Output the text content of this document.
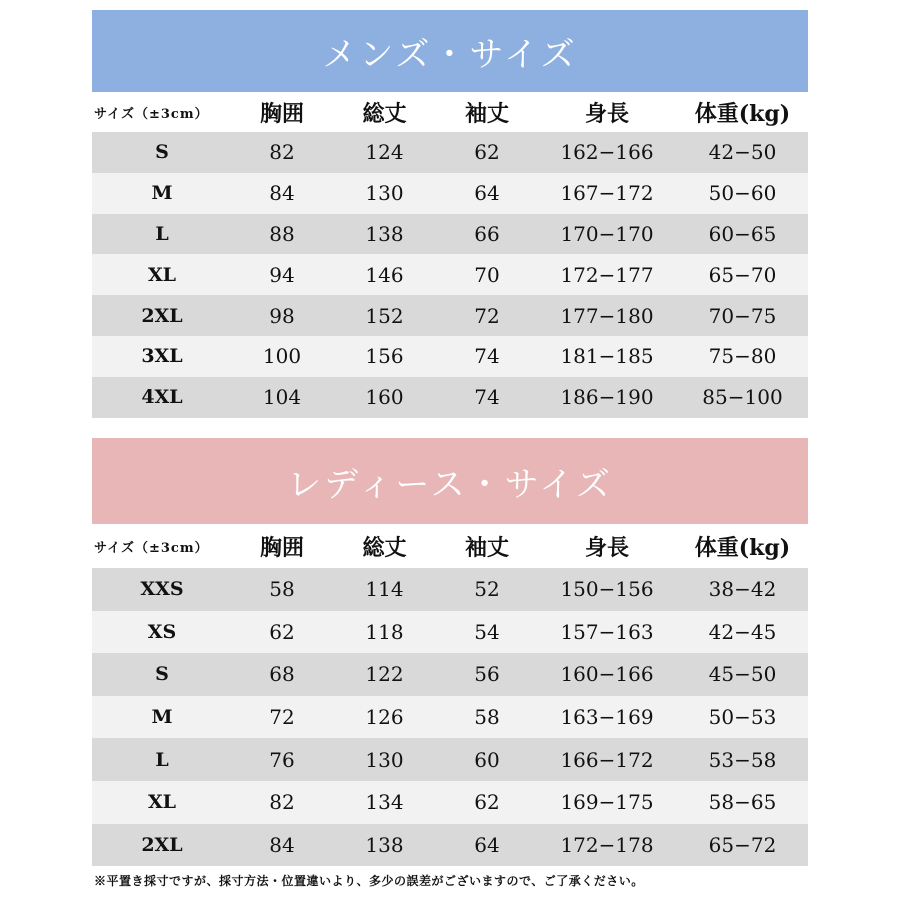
メンズ・サイズ
サイズ（±3cm）	胸囲	総丈	袖丈	身長	体重(kg)
S	82	124	62	162−166	42−50
M	84	130	64	167−172	50−60
L	88	138	66	170−170	60−65
XL	94	146	70	172−177	65−70
2XL	98	152	72	177−180	70−75
3XL	100	156	74	181−185	75−80
4XL	104	160	74	186−190	85−100
レディース・サイズ
サイズ（±3cm）	胸囲	総丈	袖丈	身長	体重(kg)
XXS	58	114	52	150−156	38−42
XS	62	118	54	157−163	42−45
S	68	122	56	160−166	45−50
M	72	126	58	163−169	50−53
L	76	130	60	166−172	53−58
XL	82	134	62	169−175	58−65
2XL	84	138	64	172−178	65−72
※平置き採寸ですが、採寸方法・位置違いより、多少の誤差がございますので、ご了承ください。
